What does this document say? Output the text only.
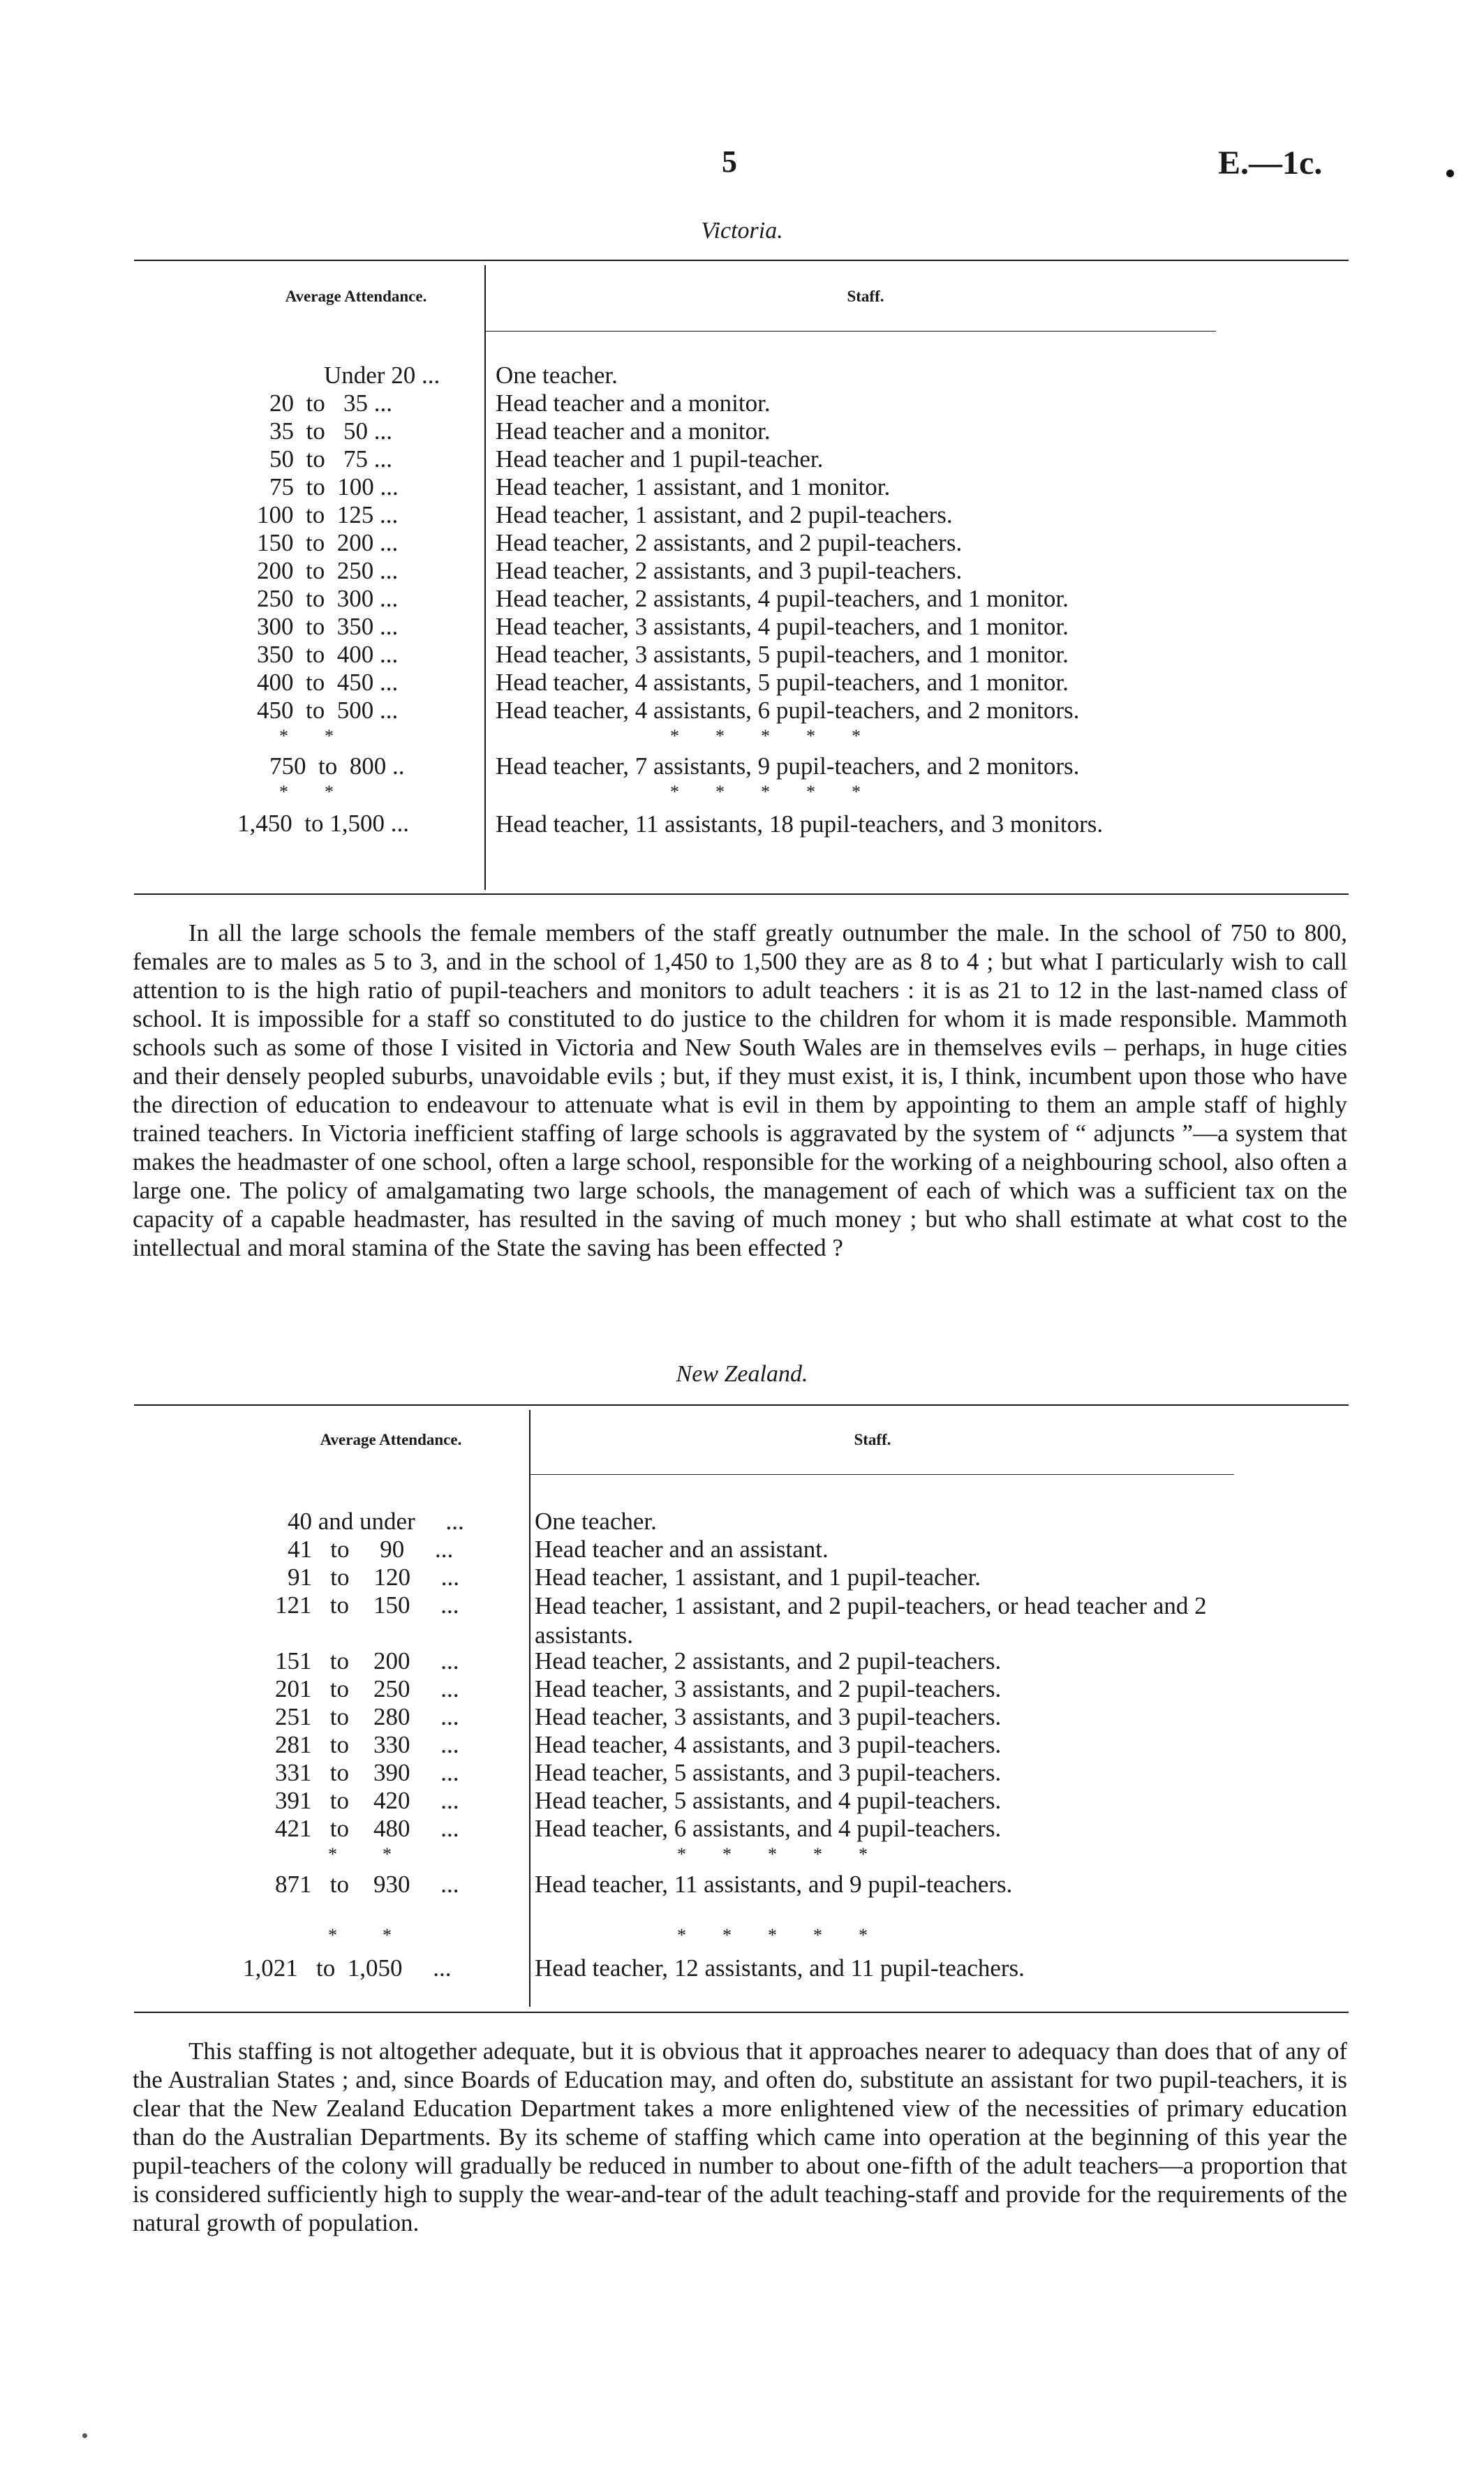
5	E.—1c.
Victoria.
Average Attendance.	Staff.
Under 20 ... One teacher.
20  to   35 ...	Head teacher and a monitor.
35  to   50 ...	Head teacher and a monitor.
50  to   75 ...	Head teacher and 1 pupil-teacher.
75  to  100 ...	Head teacher, 1 assistant, and 1 monitor.
100  to  125 ...	Head teacher, 1 assistant, and 2 pupil-teachers.
150  to  200 ...	Head teacher, 2 assistants, and 2 pupil-teachers.
200  to  250 ...	Head teacher, 2 assistants, and 3 pupil-teachers.
250  to  300 ...	Head teacher, 2 assistants, 4 pupil-teachers, and 1 monitor.
300  to  350 ...	Head teacher, 3 assistants, 4 pupil-teachers, and 1 monitor.
350  to  400 ...	Head teacher, 3 assistants, 5 pupil-teachers, and 1 monitor.
400  to  450 ...	Head teacher, 4 assistants, 5 pupil-teachers, and 1 monitor.
450  to  500 ...	Head teacher, 4 assistants, 6 pupil-teachers, and 2 monitors.
*        *	*        *        *        *        *
750  to  800 ..	Head teacher, 7 assistants, 9 pupil-teachers, and 2 monitors.
*        *	*        *        *        *        *
1,450  to 1,500 ...	Head teacher, 11 assistants, 18 pupil-teachers, and 3 monitors.
In all the large schools the female members of the staff greatly outnumber the male. In the school of 750 to 800, females are to males as 5 to 3, and in the school of 1,450 to 1,500 they are as 8 to 4 ; but what I particularly wish to call attention to is the high ratio of pupil-teachers and monitors to adult teachers : it is as 21 to 12 in the last-named class of school. It is impossible for a staff so constituted to do justice to the children for whom it is made responsible. Mammoth schools such as some of those I visited in Victoria and New South Wales are in themselves evils – perhaps, in huge cities and their densely peopled suburbs, unavoidable evils ; but, if they must exist, it is, I think, incumbent upon those who have the direction of education to endeavour to attenuate what is evil in them by appointing to them an ample staff of highly trained teachers. In Victoria inefficient staffing of large schools is aggravated by the system of “ adjuncts ”—a system that makes the headmaster of one school, often a large school, responsible for the working of a neighbouring school, also often a large one. The policy of amalgamating two large schools, the management of each of which was a sufficient tax on the capacity of a capable headmaster, has resulted in the saving of much money ; but who shall estimate at what cost to the intellectual and moral stamina of the State the saving has been effected ?
New Zealand.
Average Attendance.	Staff.
40 and under     ...	One teacher.
41   to     90     ...	Head teacher and an assistant.
91   to    120     ...	Head teacher, 1 assistant, and 1 pupil-teacher.
121   to    150     ...	Head teacher, 1 assistant, and 2 pupil-teachers, or head teacher and 2 assistants.
151   to    200     ...	Head teacher, 2 assistants, and 2 pupil-teachers.
201   to    250     ...	Head teacher, 3 assistants, and 2 pupil-teachers.
251   to    280     ...	Head teacher, 3 assistants, and 3 pupil-teachers.
281   to    330     ...	Head teacher, 4 assistants, and 3 pupil-teachers.
331   to    390     ...	Head teacher, 5 assistants, and 3 pupil-teachers.
391   to    420     ...	Head teacher, 5 assistants, and 4 pupil-teachers.
421   to    480     ...	Head teacher, 6 assistants, and 4 pupil-teachers.
*          *	*        *        *        *        *
871   to    930     ...	Head teacher, 11 assistants, and 9 pupil-teachers.
*          *	*        *        *        *        *
1,021   to  1,050     ...	Head teacher, 12 assistants, and 11 pupil-teachers.
This staffing is not altogether adequate, but it is obvious that it approaches nearer to adequacy than does that of any of the Australian States ; and, since Boards of Education may, and often do, substitute an assistant for two pupil-teachers, it is clear that the New Zealand Education Department takes a more enlightened view of the necessities of primary education than do the Australian Departments. By its scheme of staffing which came into operation at the beginning of this year the pupil-teachers of the colony will gradually be reduced in number to about one-fifth of the adult teachers—a proportion that is considered sufficiently high to supply the wear-and-tear of the adult teaching-staff and provide for the requirements of the natural growth of population.
